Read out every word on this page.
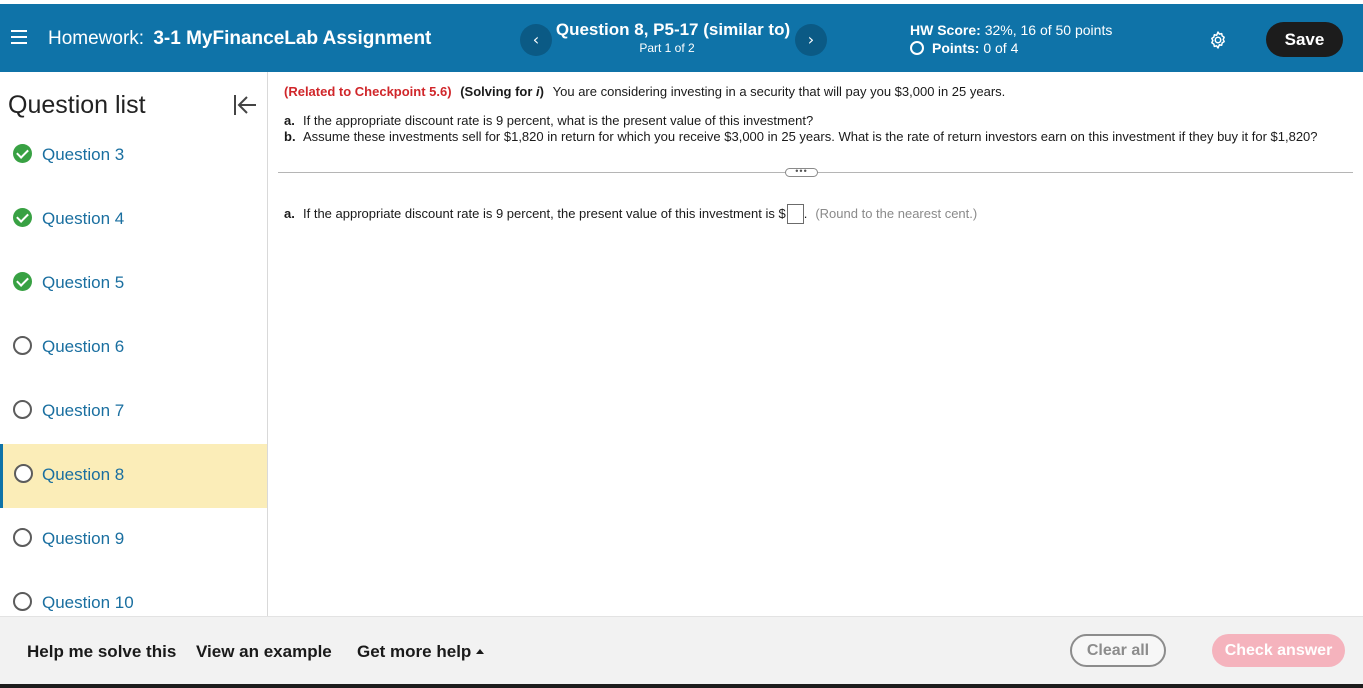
Homework: 3-1 MyFinanceLab Assignment	‹
Question 8, P5-17 (similar to)
Part 1 of 2	›	HW Score: 32%, 16 of 50 points
Points: 0 of 4	Save
Question list
Question 3
Question 4
Question 5
Question 6
Question 7
Question 8
Question 9
Question 10
(Related to Checkpoint 5.6) (Solving for i) You are considering investing in a security that will pay you $3,000 in 25 years.
a. If the appropriate discount rate is 9 percent, what is the present value of this investment?
b. Assume these investments sell for $1,820 in return for which you receive $3,000 in 25 years. What is the rate of return investors earn on this investment if they buy it for $1,820?
•••
a. If the appropriate discount rate is 9 percent, the present value of this investment is $ . (Round to the nearest cent.)
Help me solve this View an example Get more help	Clear all	Check answer
